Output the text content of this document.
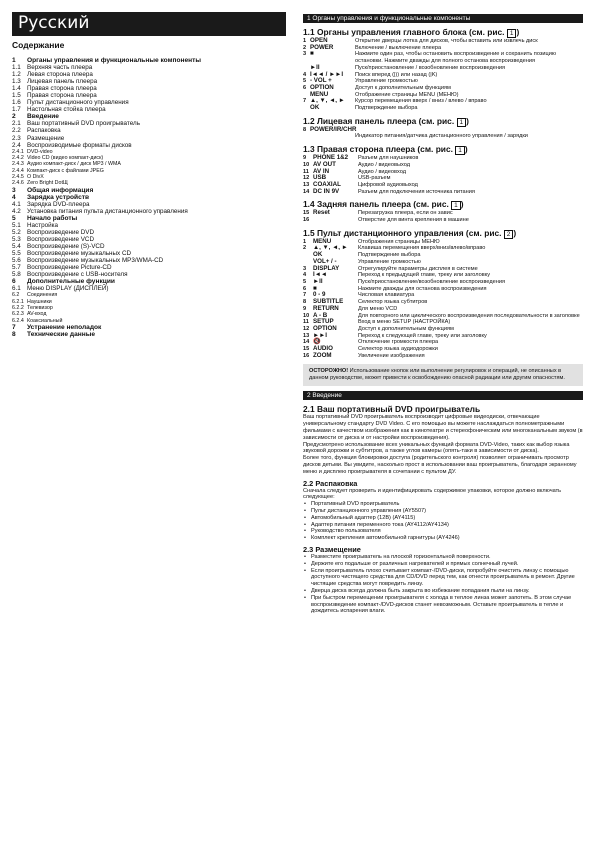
Русский
Содержание
1	Органы управления и функциональные компоненты
1.1 Верхняя часть плеера
1.2 Левая сторона плеера
1.3 Лицевая панель плеера
1.4 Правая сторона плеера
1.5 Правая сторона плеера
1.6 Пульт дистанционного управления
1.7 Настольная стойка плеера
2	Введение
2.1 Ваш портативный DVD проигрыватель
2.2 Распаковка
2.3 Размещение
2.4 Воспроизводимые форматы дисков
2.4.1 DVD-video
2.4.2 Video CD (видео компакт-диск)
2.4.3 Аудио компакт-диск / диск MP3 / WMA
2.4.4 Компакт-диск с файлами JPEG
2.4.5 О DivX
2.4.6 Zero Bright DotЩ
3	Общая информация
4	Зарядка устройств
4.1 Зарядка DVD-плеера
4.2 Установка питания пульта дистанционного управления
5	Начало работы
5.1 Настройка
5.2 Воспроизведение DVD
5.3 Воспроизведение VCD
5.4 Воспроизведение (S)-VCD
5.5 Воспроизведение музыкальных CD
5.6 Воспроизведение музыкальных MP3/WMA-CD
5.7 Воспроизведение Picture-CD
5.8 Воспроизведение с USB-носителя
6	Дополнительные функции
6.1 Меню DISPLAY (ДИСПЛЕЙ)
6.2	Соединения
6.2.1 Наушники
6.2.2 Телевизор
6.2.3 AV-вход
6.2.4 Коаксиальный
7	Устранение неполадок
8	Технические данные
1 Органы управления и функциональные компоненты
1.1 Органы управления главного блока (см. рис. 1 )
1 OPEN	Открытие дверцы лотка для дисков, чтобы вставить или извлечь диск
2 POWER	Включение / выключение плеера
3 ■	Нажмите один раз, чтобы остановить воспроизведение и сохранить позицию остановки. Нажмите дважды для полного останова воспроизведения
►II	Пуск/приостановление / возобновление воспроизведения
4 I◄◄ / ►►I	Поиск вперед (|)) или назад (|K)
5 - VOL +	Управление громкостью
6 OPTION	Доступ к дополнительным функциям
MENU	Отображение страницы MENU (МЕНЮ)
7 ▲, ▼, ◄, ►	Курсор перемещения вверх / вниз / влево / вправо
OK	Подтверждение выбора
1.2 Лицевая панель плеера (см. рис. 1 )
8 POWER/IR/CHR
Индикатор питания/датчика дистанционного управления / зарядки
1.3 Правая сторона плеера (см. рис. 1 )
9	PHONE 1&2	Разъем для наушников
10 AV OUT	Аудио / видеовыход
11 AV IN	Аудио / видеовход
12 USB	USB-разъем
13 COAXIAL	Цифровой аудиовыход
14 DC IN 9V	Разъем для подключения источника питания
1.4 Задняя панель плеера (см. рис. 1 )
15 Reset	Перезагрузка плеера, если он завис
16	Отверстие для винта крепления в машине
1.5 Пульт дистанционного управления (см. рис. 2 )
1	MENU	Отображения страницы МЕНЮ
2	▲, ▼, ◄, ►	Клавиша перемещения вверх/вниз/влево/вправо
OK	Подтверждение выбора
VOL+ / -	Управление громкостью
3	DISPLAY	Отрегулируйте параметры дисплея в системе
4	I◄◄	Переход к предыдущей главе, треку или заголовку
5	►II	Пуск/приостановление/возобновление воспроизведения
6	■	Нажмите дважды для останова воспроизведения
7	0 - 9	Числовая клавиатура
8	SUBTITLE	Селектор языка субтитров
9	RETURN	Для меню VCD
10 A - B	Для повторного или циклического воспроизведения последовательности в заголовке
11 SETUP	Вход в меню SETUP (НАСТРОЙКА)
12 OPTION	Доступ к дополнительным функциям
13 ►►I	Переход к следующей главе, треку или заголовку
14 🔇	Отключение громкости плеера
15 AUDIO	Селектор языка аудиодорожки
16 ZOOM	Увеличение изображения
ОСТОРОЖНО! Использование кнопок или выполнение регулировок и операций, не описанных в данном руководстве, может привести к освобождению опасной радиации или другим опасностям.
2 Введение
2.1 Ваш портативный DVD проигрыватель
Ваш портативный DVD проигрыватель воспроизводит цифровые видеодиски, отвечающие универсальному стандарту DVD Video. С его помощью вы можете наслаждаться полнометражными фильмами с качеством изображения как в кинотеатре и стереофоническим или многоканальным звуком (в зависимости от диска и от настройки воспроизведения).
Предусмотрено использование всех уникальных функций формата DVD-Video, таких как выбор языка звуковой дорожки и субтитров, а также углов камеры (опять-таки в зависимости от диска).
Более того, функция блокировки доступа (родительского контроля) позволяет ограничивать просмотр дисков детьми. Вы увидите, насколько прост в использовании ваш проигрыватель, благодаря экранному меню и дисплею проигрывателя в сочетании с пультом ДУ.
2.2 Распаковка
Сначала следует проверить и идентифицировать содержимое упаковки, которое должно включать следующее:
• Портативный DVD проигрыватель
• Пульт дистанционного управления (AY5507)
• Автомобильный адаптер (12В) (AY4115)
• Адаптер питания переменного тока (AY4112/AY4134)
• Руководство пользователя
• Комплект крепления автомобильной гарнитуры (AY4246)
2.3 Размещение
• Разместите проигрыватель на плоской горизонтальной поверхности.
• Держите его подальше от различных нагревателей и прямых солнечный лучей.
• Если проигрыватель плохо считывает компакт-/DVD-диски, попробуйте очистить линзу с помощью доступного чистящего средства для CD/DVD перед тем, как отнести проигрыватель в ремонт. Другие чистящие средства могут повредить линзу.
• Дверца диска всегда должна быть закрыта во избежание попадания пыли на линзу.
• При быстром перемещении проигрывателя с холода в теплое линза может запотеть. В этом случае воспроизведение компакт-/DVD-дисков станет невозможным. Оставьте проигрыватель в тепле и дождитесь испарения влаги.
